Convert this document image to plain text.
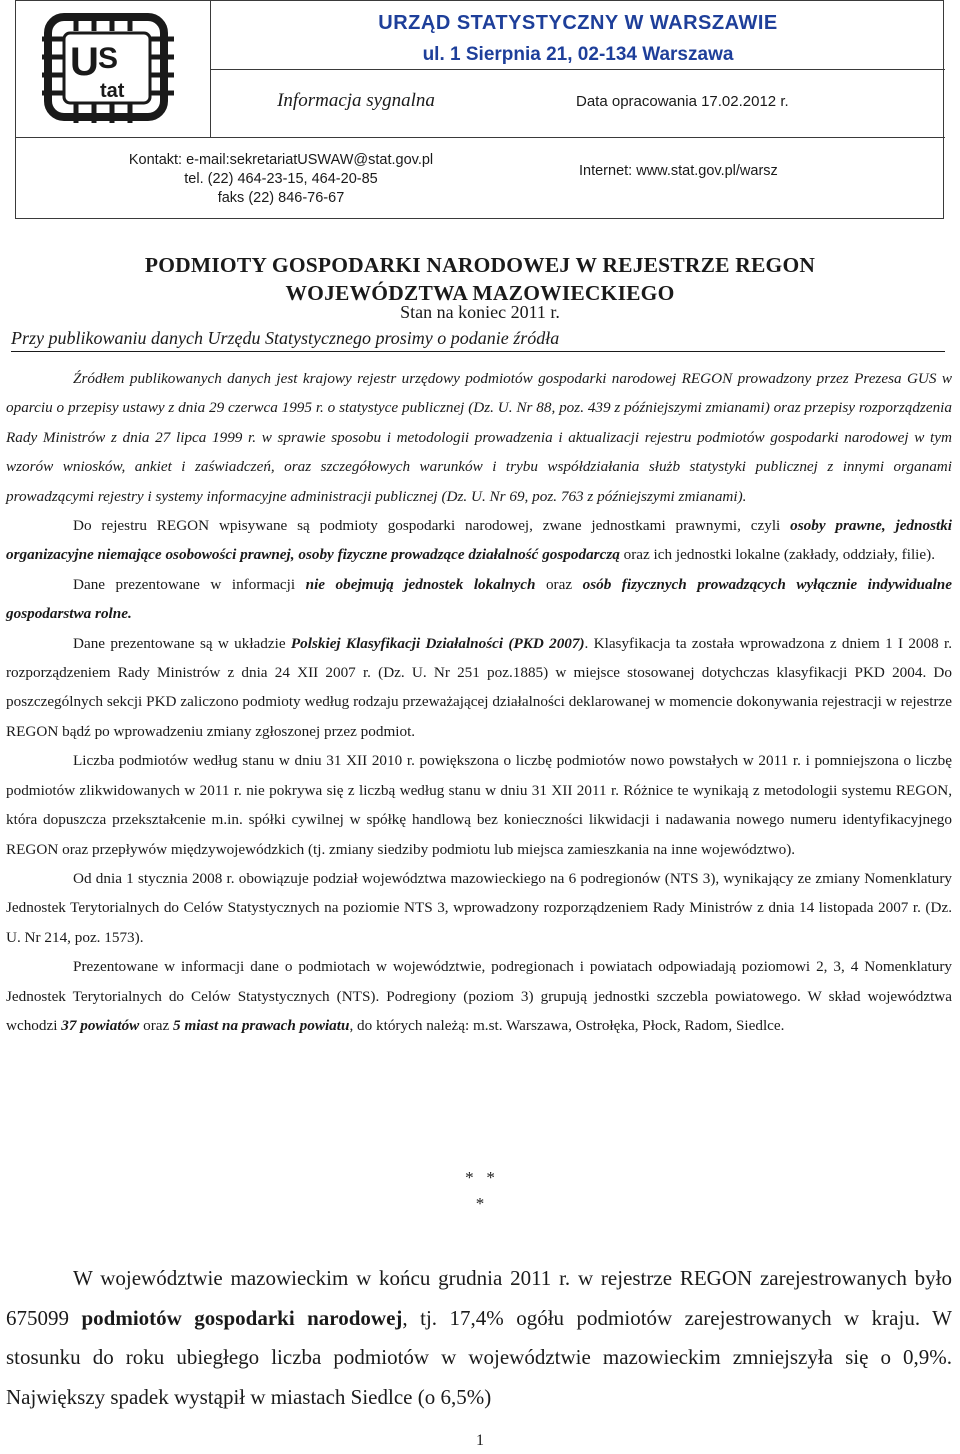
U S
tat
URZĄD STATYSTYCZNY W WARSZAWIE
ul. 1 Sierpnia 21, 02-134 Warszawa
Informacja sygnalna	Data opracowania 17.02.2012 r.
Kontakt: e-mail:sekretariatUSWAW@stat.gov.pl
tel. (22) 464-23-15, 464-20-85
faks (22) 846-76-67
Internet: www.stat.gov.pl/warsz
PODMIOTY GOSPODARKI NARODOWEJ W REJESTRZE REGON
WOJEWÓDZTWA MAZOWIECKIEGO
Stan na koniec 2011 r.
Przy publikowaniu danych Urzędu Statystycznego prosimy o podanie źródła

Źródłem publikowanych danych jest krajowy rejestr urzędowy podmiotów gospodarki narodowej REGON prowadzony przez Prezesa GUS w oparciu o przepisy ustawy z dnia 29 czerwca 1995 r. o statystyce publicznej (Dz. U. Nr 88, poz. 439 z późniejszymi zmianami) oraz przepisy rozporządzenia Rady Ministrów z dnia 27 lipca 1999 r. w sprawie sposobu i metodologii prowadzenia i aktualizacji rejestru podmiotów gospodarki narodowej w tym wzorów wniosków, ankiet i zaświadczeń, oraz szczegółowych warunków i trybu współdziałania służb statystyki publicznej z innymi organami prowadzącymi rejestry i systemy informacyjne administracji publicznej (Dz. U. Nr 69, poz. 763 z późniejszymi zmianami).

Do rejestru REGON wpisywane są podmioty gospodarki narodowej, zwane jednostkami prawnymi, czyli osoby prawne, jednostki organizacyjne niemające osobowości prawnej, osoby fizyczne prowadzące działalność gospodarczą oraz ich jednostki lokalne (zakłady, oddziały, filie).

Dane prezentowane w informacji nie obejmują jednostek lokalnych oraz osób fizycznych prowadzących wyłącznie indywidualne gospodarstwa rolne.

Dane prezentowane są w układzie Polskiej Klasyfikacji Działalności (PKD 2007). Klasyfikacja ta została wprowadzona z dniem 1 I 2008 r. rozporządzeniem Rady Ministrów z dnia 24 XII 2007 r. (Dz. U. Nr 251 poz.1885) w miejsce stosowanej dotychczas klasyfikacji PKD 2004. Do poszczególnych sekcji PKD zaliczono podmioty według rodzaju przeważającej działalności deklarowanej w momencie dokonywania rejestracji w rejestrze REGON bądź po wprowadzeniu zmiany zgłoszonej przez podmiot.

Liczba podmiotów według stanu w dniu 31 XII 2010 r. powiększona o liczbę podmiotów nowo powstałych w 2011 r. i pomniejszona o liczbę podmiotów zlikwidowanych w 2011 r. nie pokrywa się z liczbą według stanu w dniu 31 XII 2011 r. Różnice te wynikają z metodologii systemu REGON, która dopuszcza przekształcenie m.in. spółki cywilnej w spółkę handlową bez konieczności likwidacji i nadawania nowego numeru identyfikacyjnego REGON oraz przepływów międzywojewódzkich (tj. zmiany siedziby podmiotu lub miejsca zamieszkania na inne województwo).

Od dnia 1 stycznia 2008 r. obowiązuje podział województwa mazowieckiego na 6 podregionów (NTS 3), wynikający ze zmiany Nomenklatury Jednostek Terytorialnych do Celów Statystycznych na poziomie NTS 3, wprowadzony rozporządzeniem Rady Ministrów z dnia 14 listopada 2007 r. (Dz. U. Nr 214, poz. 1573).

Prezentowane w informacji dane o podmiotach w województwie, podregionach i powiatach odpowiadają poziomowi 2, 3, 4 Nomenklatury Jednostek Terytorialnych do Celów Statystycznych (NTS). Podregiony (poziom 3) grupują jednostki szczebla powiatowego. W skład województwa wchodzi 37 powiatów oraz 5 miast na prawach powiatu, do których należą: m.st. Warszawa, Ostrołęka, Płock, Radom, Siedlce.

*   *
*

W województwie mazowieckim w końcu grudnia 2011 r. w rejestrze REGON zarejestrowanych było 675099 podmiotów gospodarki narodowej, tj. 17,4% ogółu podmiotów zarejestrowanych w kraju. W stosunku do roku ubiegłego liczba podmiotów w województwie mazowieckim zmniejszyła się o 0,9%. Największy spadek wystąpił w miastach Siedlce (o 6,5%)

1
